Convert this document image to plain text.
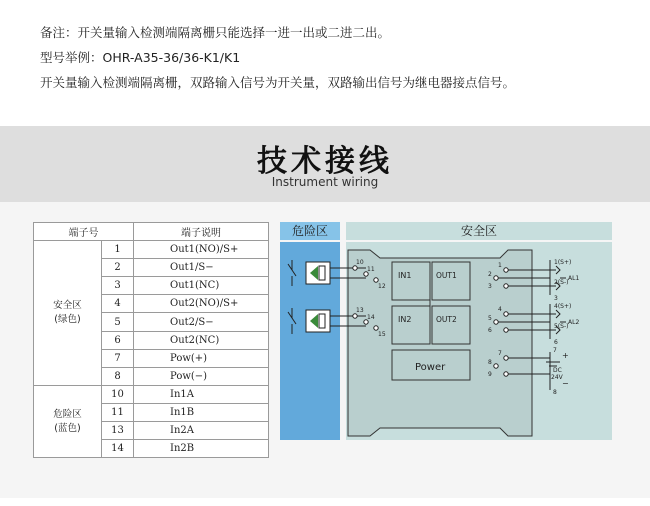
备注：开关量输入检测端隔离栅只能选择一进一出或二进二出。
型号举例：OHR-A35-36/36-K1/K1
开关量输入检测端隔离栅，双路输入信号为开关量，双路输出信号为继电器接点信号。
技术接线
Instrument wiring
端子号		端子说明

安全区
(绿色)	1	Out1(NO)/S+
	2	Out1/S−
	3	Out1(NC)
	4	Out2(NO)/S+
	5	Out2/S−
	6	Out2(NC)
	7	Pow(+)
	8	Pow(−)

危险区
(蓝色)	10	In1A
	11	In1B
	13	In2A
	14	In2B
危险区	安全区
IN1	OUT1
IN2	OUT2
Power
10
11
12
13
14
15
1
2
3
4
5
6
7
8
9
1(S+)
2(S-)
3
AL1
4(S+)
5(S-)
6
AL2
7
+
DC
24V
−
8
